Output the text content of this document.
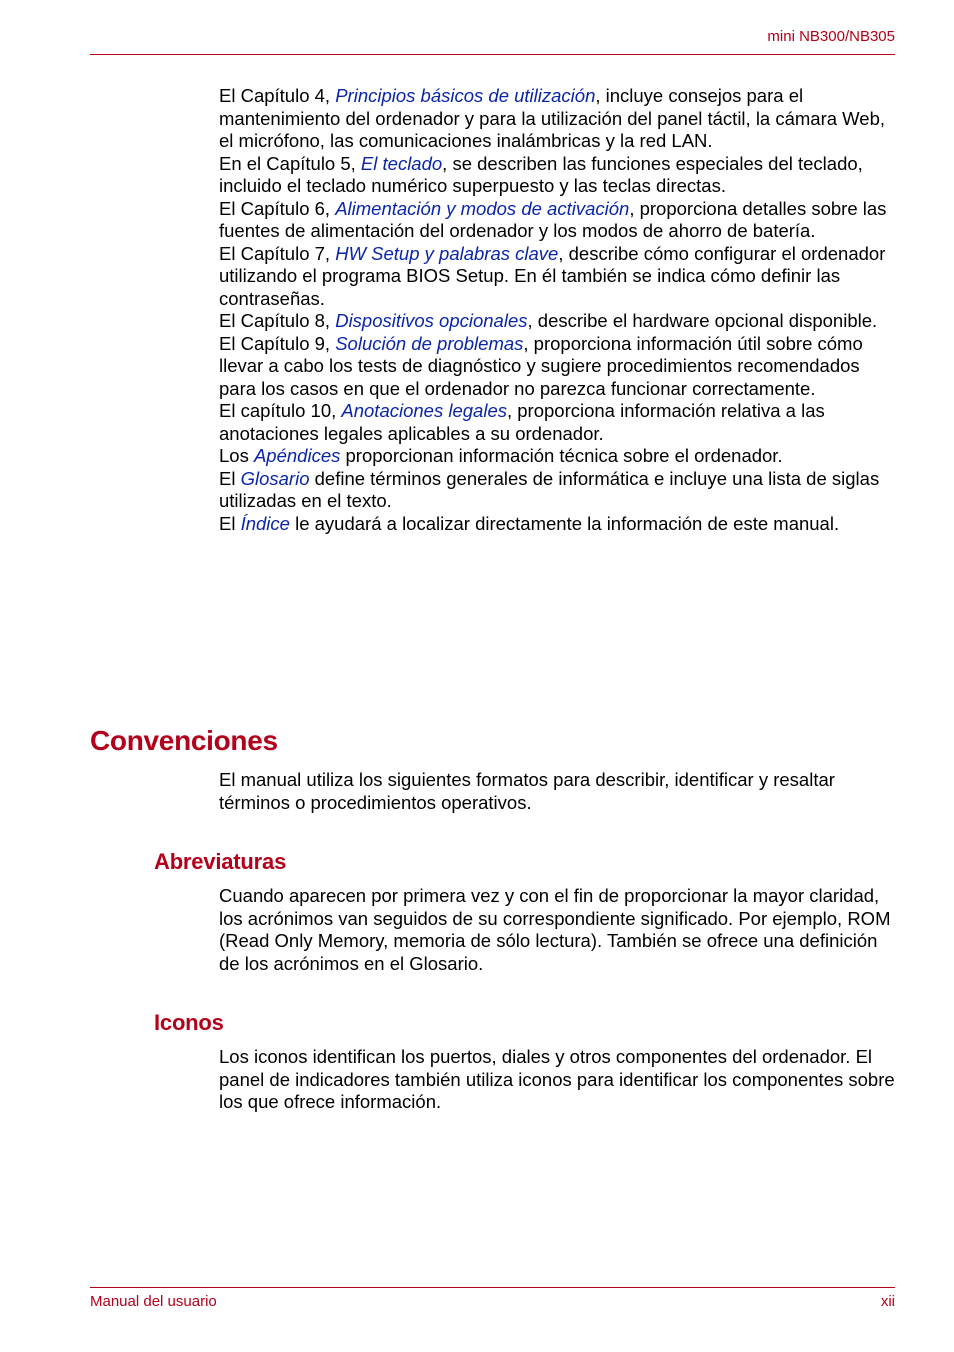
mini NB300/NB305

El Capítulo 4, Principios básicos de utilización, incluye consejos para el mantenimiento del ordenador y para la utilización del panel táctil, la cámara Web, el micrófono, las comunicaciones inalámbricas y la red LAN.

En el Capítulo 5, El teclado, se describen las funciones especiales del teclado, incluido el teclado numérico superpuesto y las teclas directas.

El Capítulo 6, Alimentación y modos de activación, proporciona detalles sobre las fuentes de alimentación del ordenador y los modos de ahorro de batería.

El Capítulo 7, HW Setup y palabras clave, describe cómo configurar el ordenador utilizando el programa BIOS Setup. En él también se indica cómo definir las contraseñas.

El Capítulo 8, Dispositivos opcionales, describe el hardware opcional disponible.

El Capítulo 9, Solución de problemas, proporciona información útil sobre cómo llevar a cabo los tests de diagnóstico y sugiere procedimientos recomendados para los casos en que el ordenador no parezca funcionar correctamente.

El capítulo 10, Anotaciones legales, proporciona información relativa a las anotaciones legales aplicables a su ordenador.

Los Apéndices proporcionan información técnica sobre el ordenador.

El Glosario define términos generales de informática e incluye una lista de siglas utilizadas en el texto.

El Índice le ayudará a localizar directamente la información de este manual.

Convenciones

El manual utiliza los siguientes formatos para describir, identificar y resaltar términos o procedimientos operativos.

Abreviaturas

Cuando aparecen por primera vez y con el fin de proporcionar la mayor claridad, los acrónimos van seguidos de su correspondiente significado. Por ejemplo, ROM (Read Only Memory, memoria de sólo lectura). También se ofrece una definición de los acrónimos en el Glosario.

Iconos

Los iconos identifican los puertos, diales y otros componentes del ordenador. El panel de indicadores también utiliza iconos para identificar los componentes sobre los que ofrece información.

Manual del usuario	xii
